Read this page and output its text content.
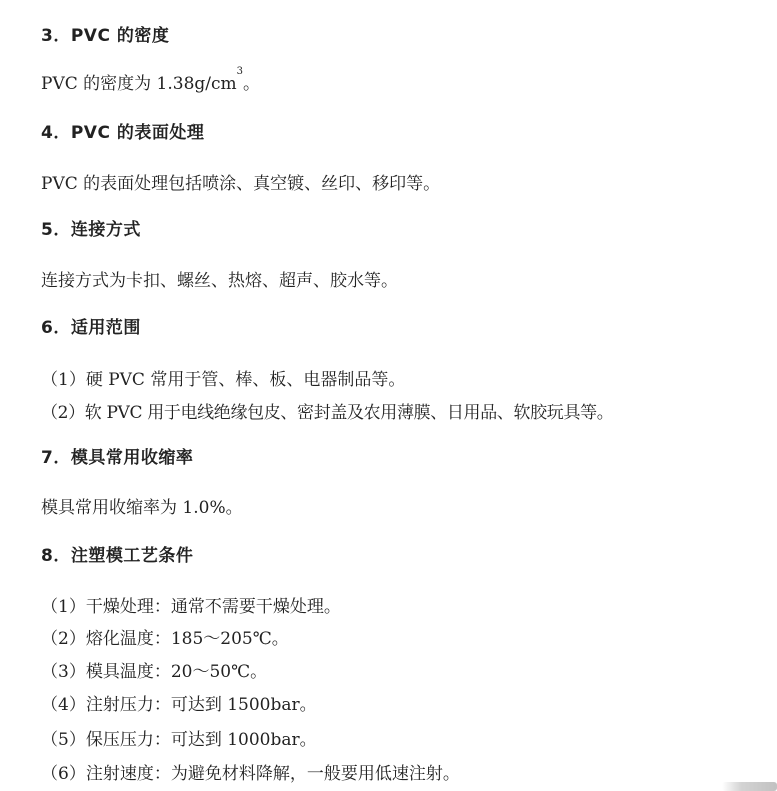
3．PVC 的密度
PVC 的密度为 $1.38g/cm^3$。
4．PVC 的表面处理
PVC 的表面处理包括喷涂、真空镀、丝印、移印等。
5．连接方式
连接方式为卡扣、螺丝、热熔、超声、胶水等。
6．适用范围
（1）硬 PVC 常用于管、棒、板、电器制品等。
（2）软 PVC 用于电线绝缘包皮、密封盖及农用薄膜、日用品、软胶玩具等。
7．模具常用收缩率
模具常用收缩率为 1.0%。
8．注塑模工艺条件
（1）干燥处理：通常不需要干燥处理。
（2）熔化温度：185～205℃。
（3）模具温度：20～50℃。
（4）注射压力：可达到 1500bar。
（5）保压压力：可达到 1000bar。
（6）注射速度：为避免材料降解，一般要用低速注射。
